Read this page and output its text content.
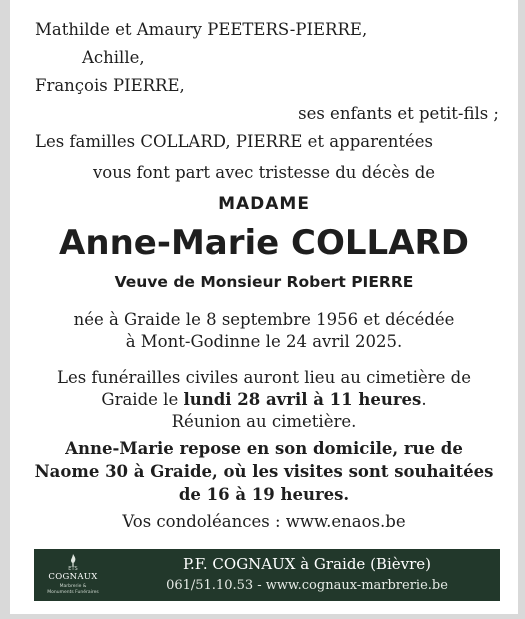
Mathilde et Amaury PEETERS-PIERRE,
Achille,
François PIERRE,
ses enfants et petit-fils ;
Les familles COLLARD, PIERRE et apparentées
vous font part avec tristesse du décès de
MADAME
Anne-Marie COLLARD
Veuve de Monsieur Robert PIERRE
née à Graide le 8 septembre 1956 et décédée
à Mont-Godinne le 24 avril 2025.
Les funérailles civiles auront lieu au cimetière de
Graide le lundi 28 avril à 11 heures.
Réunion au cimetière.
Anne-Marie repose en son domicile, rue de
Naome 30 à Graide, où les visites sont souhaitées
de 16 à 19 heures.
Vos condoléances : www.enaos.be
ETS
COGNAUX
Marbrerie &
Monuments Funéraires
P.F. COGNAUX à Graide (Bièvre)
061/51.10.53 - www.cognaux-marbrerie.be
